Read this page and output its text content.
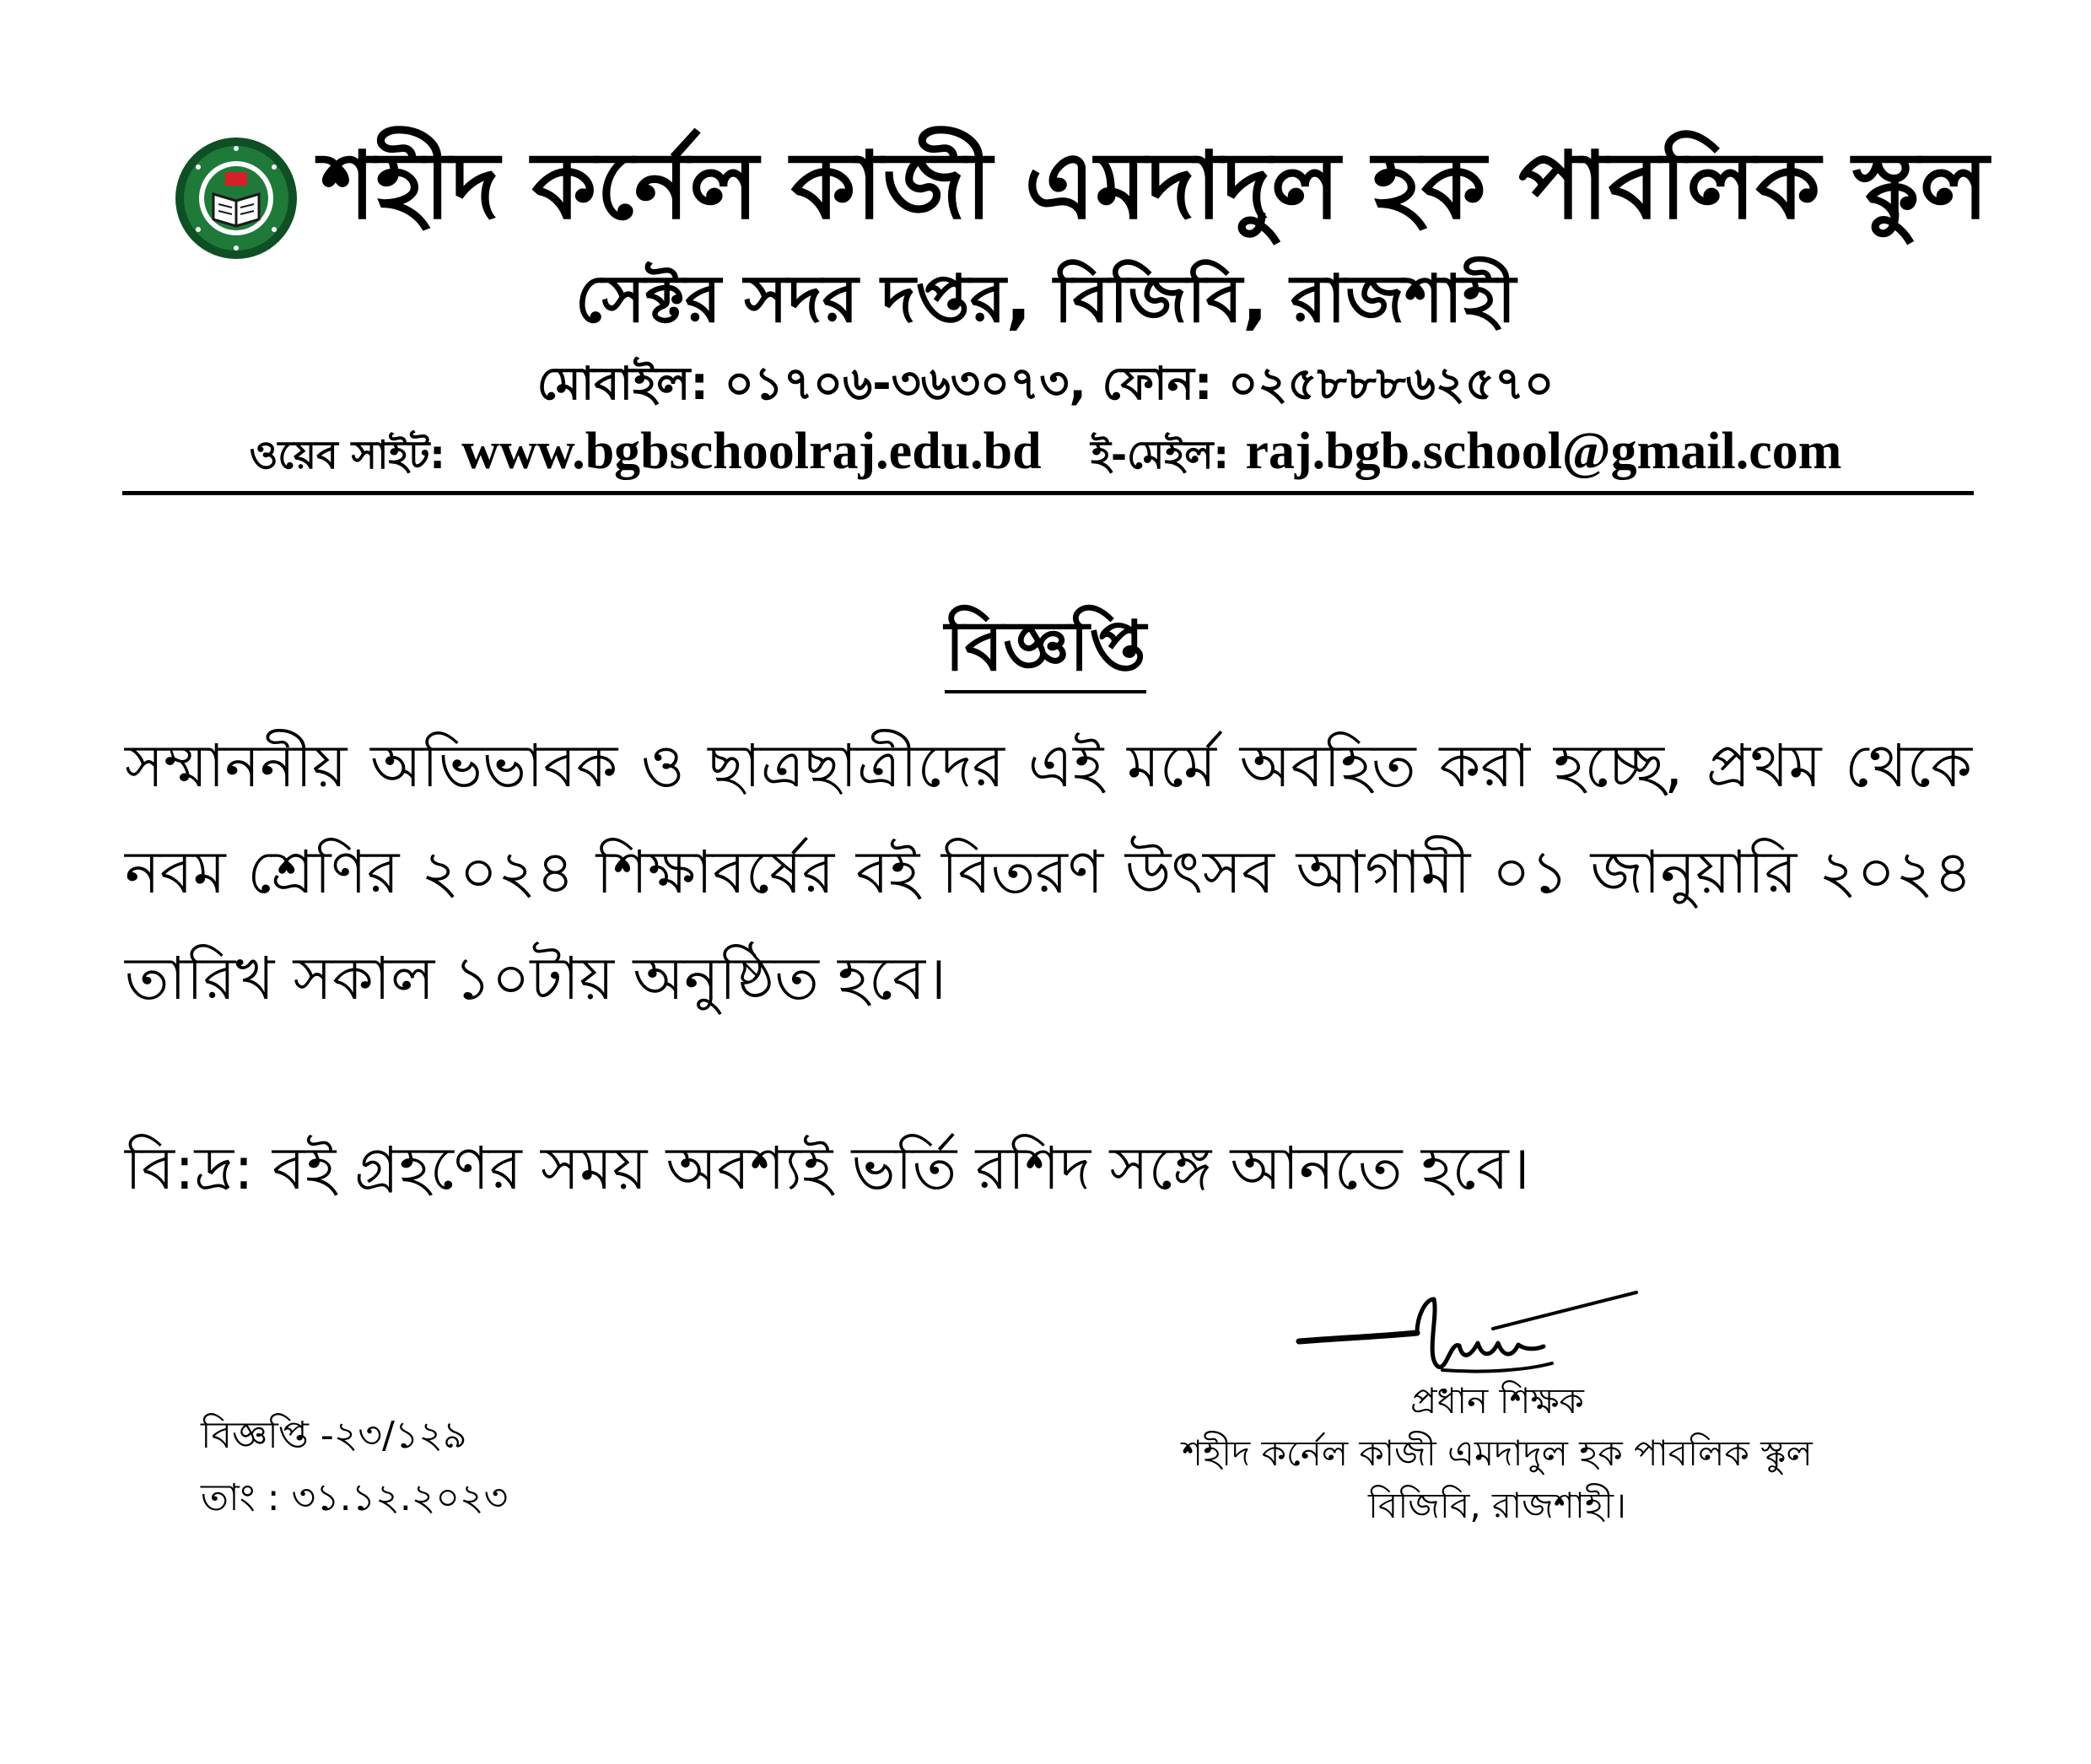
শহীদ কর্নেল কাজী এমদাদুল হক পাবলিক স্কুল
সেক্টর সদর দপ্তর, বিজিবি, রাজশাহী
মোবাইল: ০১৭০৬-৩৬৩০৭৩, ফোন: ০২৫৮৮৮৬২৫৭০
ওয়েব সাইট: www.bgbschoolraj.edu.bd ই-মেইল: raj.bgb.school@gmail.com
বিজ্ঞপ্তি
সম্মাননীয় অভিভাবক ও ছাত্রছাত্রীদের এই মর্মে অবহিত করা হচ্ছে, প্রথম থেকে নবম শ্রেণির ২০২৪ শিক্ষাবর্ষের বই বিতরণ উৎসব আগামী ০১ জানুয়ারি ২০২৪ তারিখ সকাল ১০টায় অনুষ্ঠিত হবে।
বি:দ্র: বই গ্রহণের সময় অবশ্যই ভর্তি রশিদ সঙ্গে আনতে হবে।
প্রধান শিক্ষক
শহীদ কর্নেল কাজী এমদাদুল হক পাবলিক স্কুল
বিজিবি, রাজশাহী।
বিজ্ঞপ্তি -২৩/১২৯
তাং : ৩১.১২.২০২৩
